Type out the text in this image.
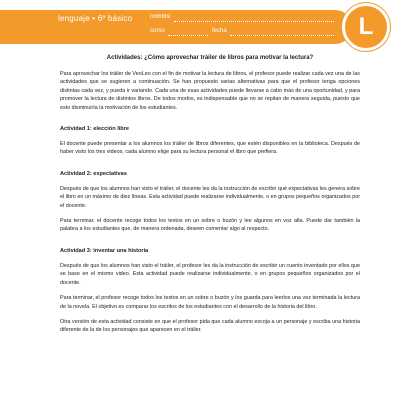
lenguaje • 6º básico	nombre
curso	fecha	L
Actividades: ¿Cómo aprovechar tráiler de libros para motivar la lectura?

Para aprovechar los tráiler de VeoLeo con el fin de motivar la lectura de libros, el profesor puede realizar cada vez una de las actividades que se sugieren a continuación. Se han propuesto varias alternativas para que el profesor tenga opciones distintas cada vez, y pueda ir variando. Cada una de esas actividades puede llevarse a cabo más de una oportunidad, y para promover la lectura de distintos libros. De todos modos, es indispensable que no se repitan de manera seguida, puesto que esto disminuiría la motivación de los estudiantes.

Actividad 1: elección libre

El docente puede presentar a los alumnos los tráiler de libros diferentes, que estén disponibles en la biblioteca. Después de haber visto los tres videos, cada alumno elige para su lectura personal el libro que prefiera.

Actividad 2: expectativas

Después de que los alumnos han visto el tráiler, el docente les da la instrucción de escribir qué expectativas les genera sobre el libro en un máximo de diez líneas. Esta actividad puede realizarse individualmente, o en grupos pequeños organizados por el docente.

Para terminar, el docente recoge todos los textos en un sobre o buzón y lee algunos en voz alta. Puede dar también la palabra a los estudiantes que, de manera ordenada, deseen comentar algo al respecto.

Actividad 3: inventar una historia

Después de que los alumnos han visto el tráiler, el profesor les da la instrucción de escribir un cuento inventado por ellos que se base en el mismo video. Esta actividad puede realizarse individualmente, o en grupos pequeños organizados por el docente.

Para terminar, el profesor recoge todos los textos en un sobre o buzón y los guarda para leerlos una vez terminada la lectura de la novela. El objetivo es comparar los escritos de los estudiantes con el desarrollo de la historia del libro.

Otra versión de esta actividad consiste en que el profesor pida que cada alumno escoja a un personaje y escriba una historia diferente de la de los personajes que aparecen en el tráiler.
